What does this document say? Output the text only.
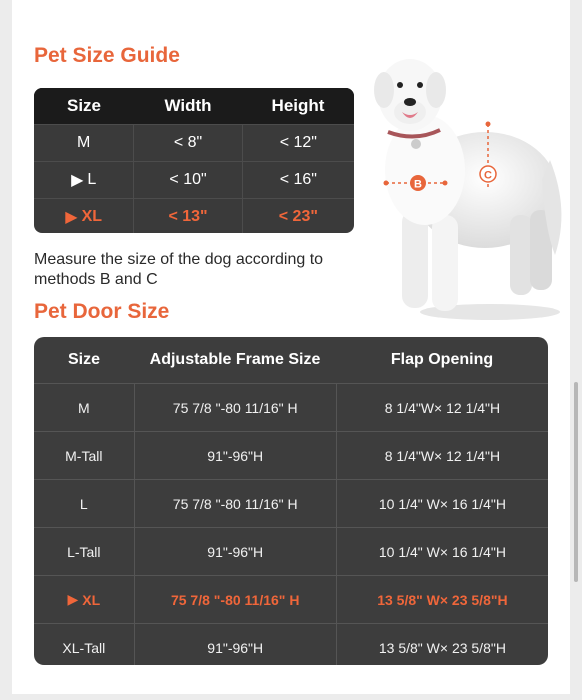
Pet Size Guide
Size	Width	Height
M	< 8"	< 12"
▶ L	< 10"	< 16"
▶ XL	< 13"	< 23"
Measure the size of the dog according to methods B and C
B
C
Pet Door Size
Size	Adjustable Frame Size	Flap Opening
M	75 7/8 "-80 11/16" H	8 1/4"W× 12 1/4"H
M-Tall	91"-96"H	8 1/4"W× 12 1/4"H
L	75 7/8 "-80 11/16" H	10 1/4" W× 16 1/4"H
L-Tall	91"-96"H	10 1/4" W× 16 1/4"H
▶ XL	75 7/8 "-80 11/16" H	13 5/8" W× 23 5/8"H
XL-Tall	91"-96"H	13 5/8" W× 23 5/8"H
